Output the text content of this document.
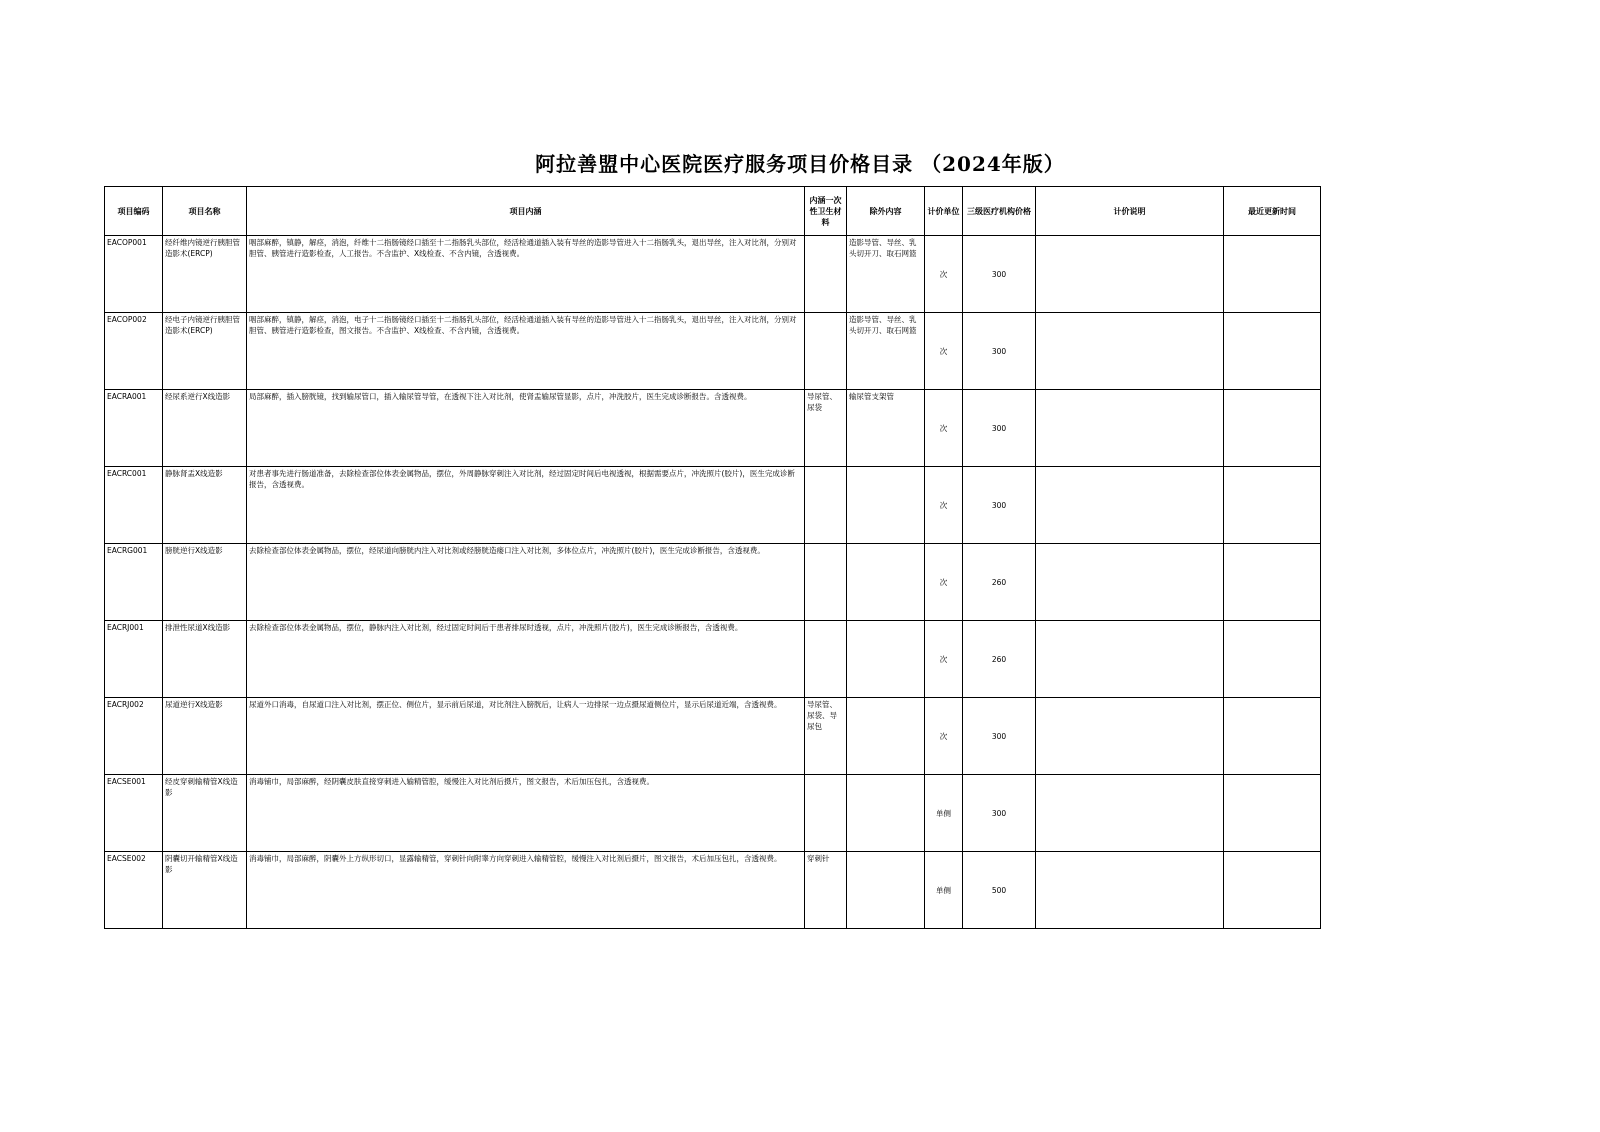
阿拉善盟中心医院医疗服务项目价格目录 （2024年版）
项目编码	项目名称	项目内涵	内涵一次性卫生材料	除外内容	计价单位	三级医疗机构价格	计价说明	最近更新时间
EACOP001	经纤维内镜逆行胰胆管造影术(ERCP)	咽部麻醉，镇静，解痉，消泡，纤维十二指肠镜经口插至十二指肠乳头部位，经活检通道插入装有导丝的造影导管进入十二指肠乳头，退出导丝，注入对比剂，分别对胆管、胰管进行造影检查，人工报告。不含监护、X线检查、不含内镜，含透视费。		造影导管、导丝、乳头切开刀、取石网篮	次	300		
EACOP002	经电子内镜逆行胰胆管造影术(ERCP)	咽部麻醉，镇静，解痉，消泡，电子十二指肠镜经口插至十二指肠乳头部位，经活检通道插入装有导丝的造影导管进入十二指肠乳头，退出导丝，注入对比剂，分别对胆管、胰管进行造影检查，图文报告。不含监护、X线检查、不含内镜，含透视费。		造影导管、导丝、乳头切开刀、取石网篮	次	300		
EACRA001	经尿系逆行X线造影	局部麻醉，插入膀胱镜，找到输尿管口，插入输尿管导管，在透视下注入对比剂，使肾盂输尿管显影，点片，冲洗胶片，医生完成诊断报告。含透视费。	导尿管、尿袋	输尿管支架管	次	300		
EACRC001	静脉肾盂X线造影	对患者事先进行肠道准备，去除检查部位体表金属物品，摆位，外周静脉穿刺注入对比剂，经过固定时间后电视透视，根据需要点片，冲洗照片(胶片)，医生完成诊断报告，含透视费。			次	300		
EACRG001	膀胱逆行X线造影	去除检查部位体表金属物品，摆位，经尿道向膀胱内注入对比剂或经膀胱造瘘口注入对比剂，多体位点片，冲洗照片(胶片)，医生完成诊断报告，含透视费。			次	260		
EACRJ001	排泄性尿道X线造影	去除检查部位体表金属物品，摆位，静脉内注入对比剂，经过固定时间后于患者排尿时透视，点片，冲洗照片(胶片)，医生完成诊断报告，含透视费。			次	260		
EACRJ002	尿道逆行X线造影	尿道外口消毒，自尿道口注入对比剂，摆正位、侧位片，显示前后尿道，对比剂注入膀胱后，让病人一边排尿一边点摄尿道侧位片，显示后尿道近端，含透视费。	导尿管、尿袋、导尿包		次	300		
EACSE001	经皮穿刺输精管X线造影	消毒铺巾，局部麻醉，经阴囊皮肤直接穿刺进入输精管腔，缓慢注入对比剂后摄片，图文报告，术后加压包扎，含透视费。			单侧	300		
EACSE002	阴囊切开输精管X线造影	消毒铺巾，局部麻醉，阴囊外上方纵形切口，显露输精管，穿刺针向附睾方向穿刺进入输精管腔，缓慢注入对比剂后摄片，图文报告，术后加压包扎，含透视费。	穿刺针		单侧	500		
